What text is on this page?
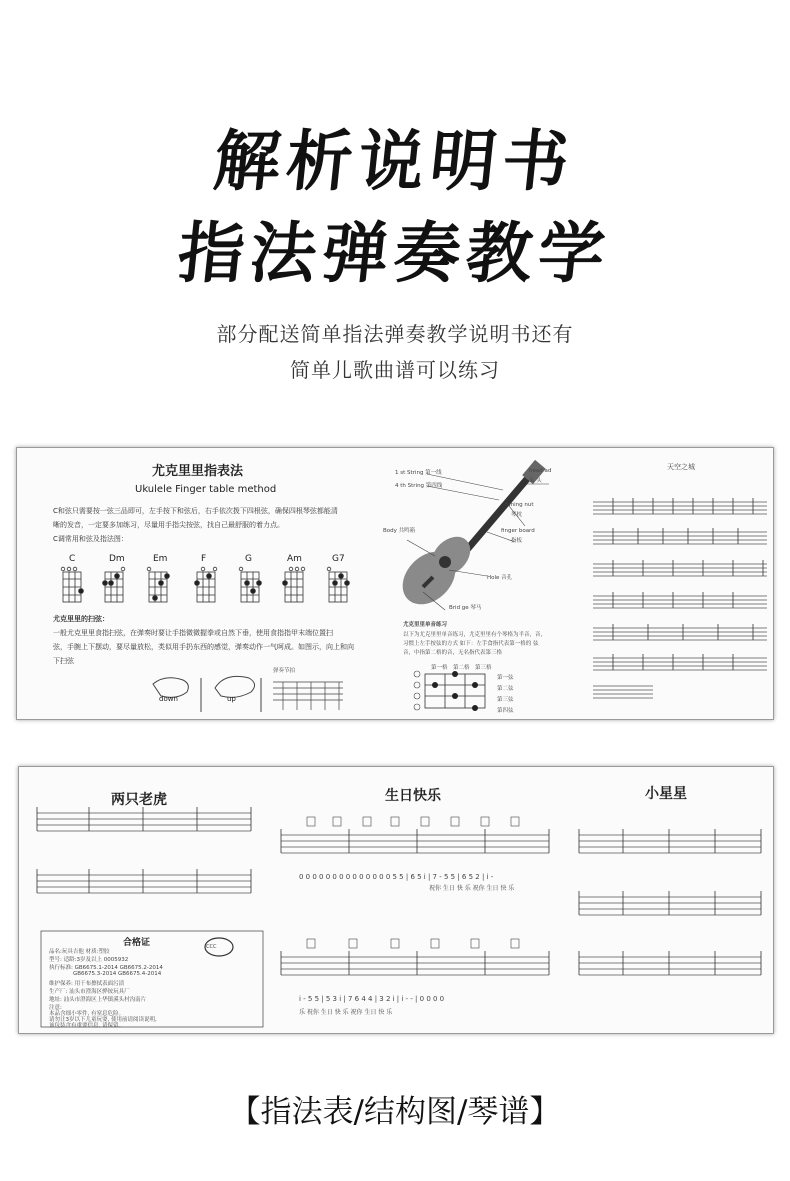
解析说明书
指法弹奏教学
部分配送简单指法弹奏教学说明书还有
简单儿歌曲谱可以练习
尤克里里指表法
Ukulele Finger table method
C和弦只需要按一弦三品即可，左手按下和弦后，右手依次拨下四根弦，确保四根琴弦都能清
晰的发音，一定要多加练习，尽量用手指尖按弦，找自己最舒服的着力点。
C调常用和弦及指法图：
C	Dm	Em	F	G	Am	G7
尤克里里的扫弦：
一般尤克里里食指扫弦，在弹奏时要让手指微微握拳或自然下垂，使用食指指甲末端位置扫
弦，手腕上下摆动，要尽量放松，类似用手扔东西的感觉，弹奏动作一气呵成。如图示，向上和向
下扫弦
down	up
弹奏节拍
1 st String 第一线
4 th String 第四线
head ad
头 头
tuning nut
琴枕
finger board
指板
Body 共鸣箱
Hole 音孔
Brid ge 琴马
尤克里里单音练习
以下为尤克里里单音练习，尤克里里有个琴格为半音，音，
习惯上左手按弦的方式 如下：左手食指代表第一格的 弦
音，中指第二格的音，无名指代表第三格
第一格 第二格 第三格
第一弦
第二弦
第三弦
第四弦
天空之城
两只老虎	生日快乐	小星星
0 0 0 0 0 0 0 0 0 0 0 0 0 0 5 5 | 6 5 i | 7 - 5 5 | 6 5 2 | i -
祝你 生日 快 乐 祝你 生日 快 乐
i - 5 5 | 5 3 i | 7 6 4 4 | 3 2 i | i - - | 0 0 0 0
乐 祝你 生日 快 乐 祝你 生日 快 乐
合格证	CCC
品名:玩具吉他 材质:塑胶
型号: 适龄:3岁及以上 0005932
执行标准: GB6675.1-2014 GB6675.2-2014
GB6675.3-2014 GB6675.4-2014
维护保养: 用干布擦拭表面污渍
生产厂: 汕头市澄海区骅铵玩具厂
地址: 汕头市澄海区上华镇溪头村沟南片
注意:
本品含细小零件, 有窒息危险。
请勿让3岁以下儿童玩耍, 使用前请阅读说明,
该包装含有重要信息, 请保留。
【指法表/结构图/琴谱】
